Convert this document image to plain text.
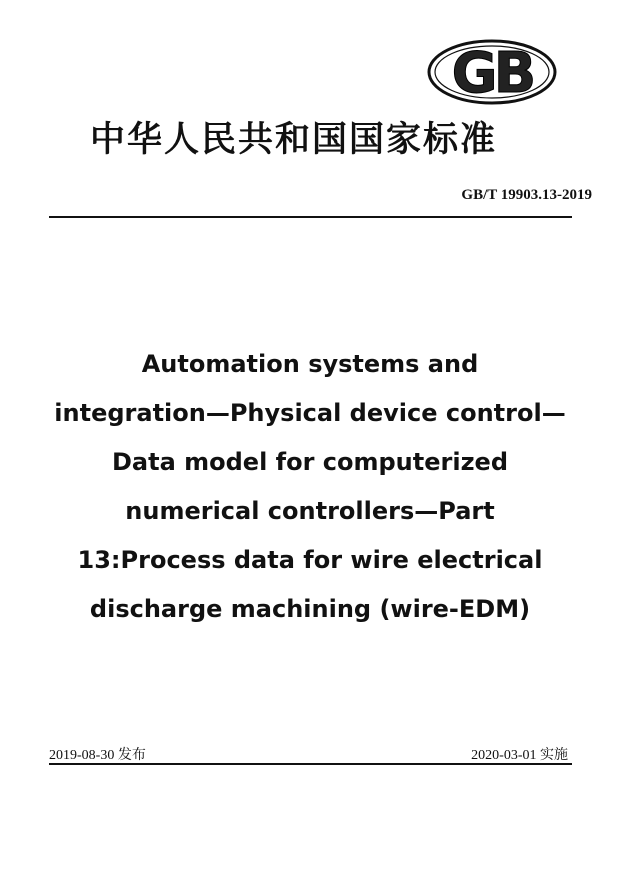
GB
中华人民共和国国家标准
GB/T 19903.13-2019
Automation systems and
integration—Physical device control—
Data model for computerized
numerical controllers—Part
13:Process data for wire electrical
discharge machining (wire-EDM)
2019-08-30 发布	2020-03-01 实施
